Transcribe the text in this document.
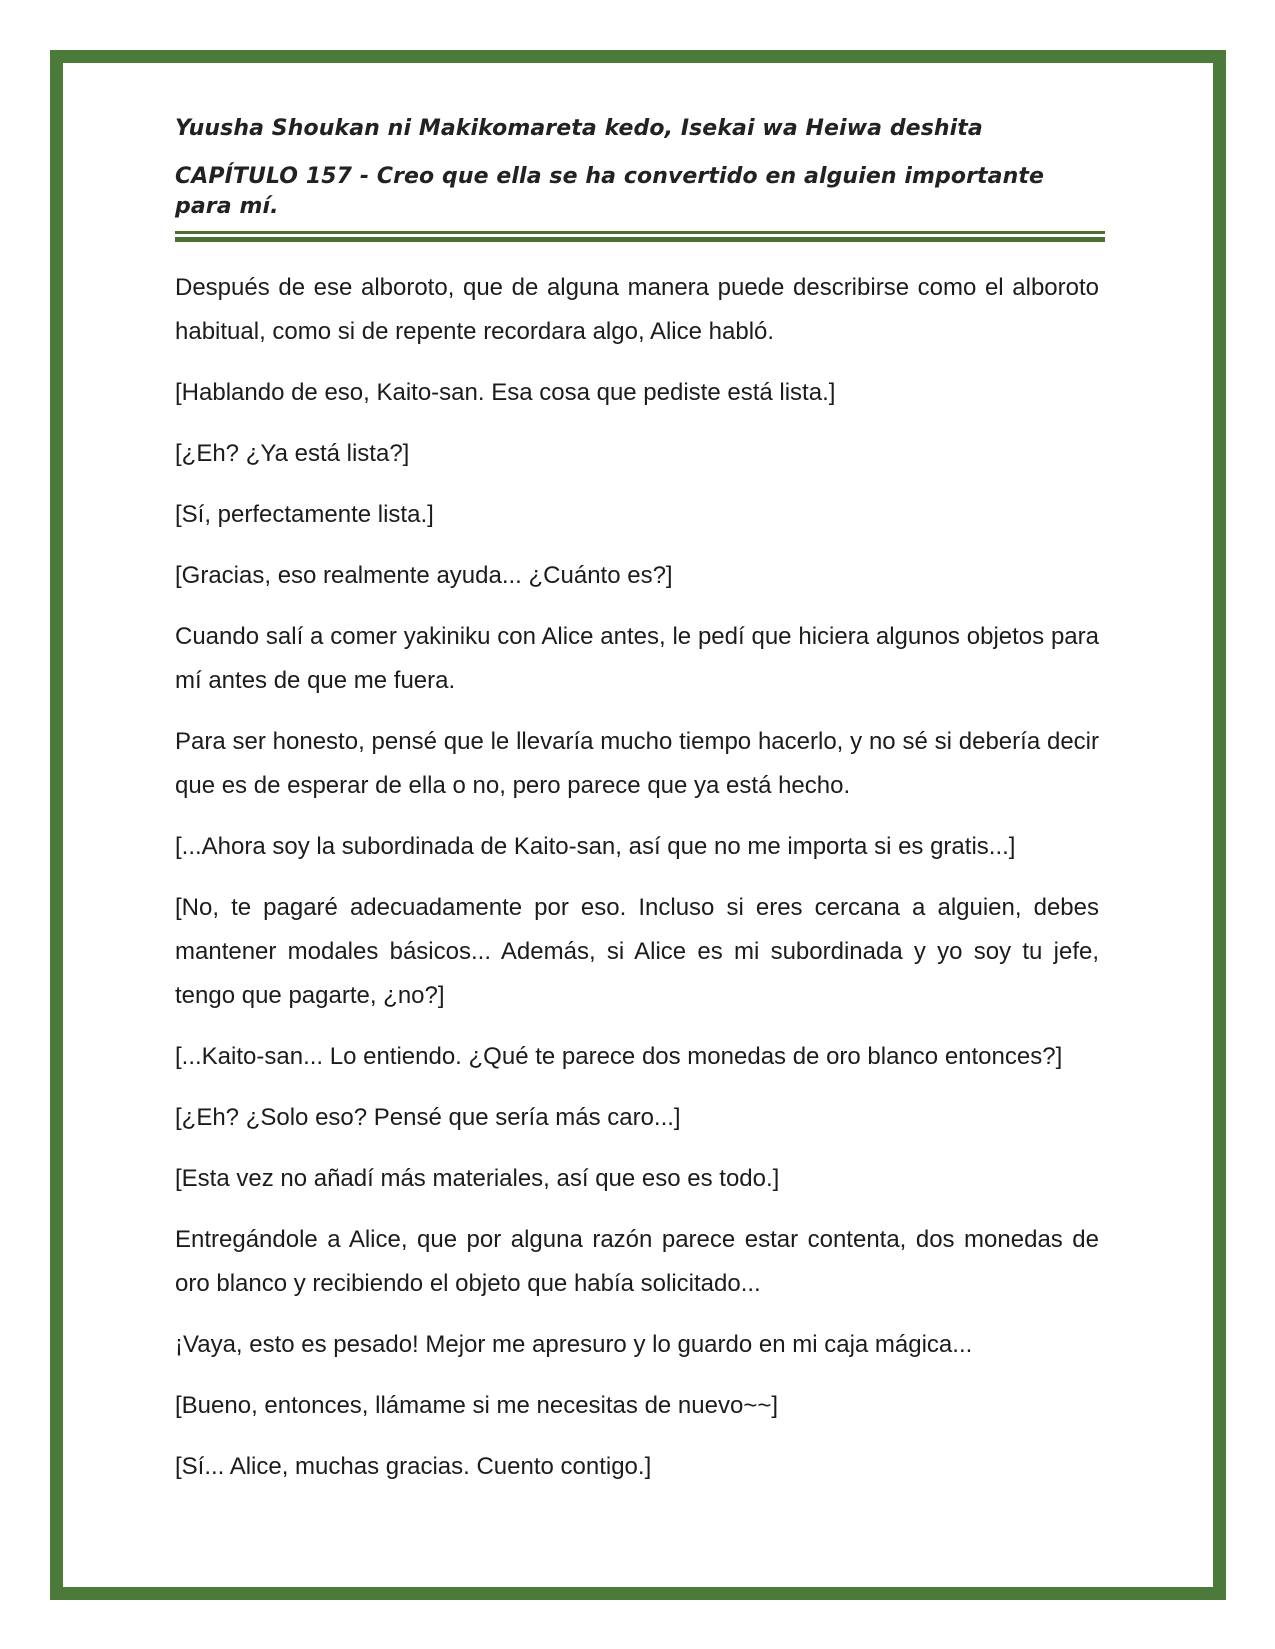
Yuusha Shoukan ni Makikomareta kedo, Isekai wa Heiwa deshita
CAPÍTULO 157 - Creo que ella se ha convertido en alguien importante para mí.

Después de ese alboroto, que de alguna manera puede describirse como el alboroto habitual, como si de repente recordara algo, Alice habló.

[Hablando de eso, Kaito-san. Esa cosa que pediste está lista.]

[¿Eh? ¿Ya está lista?]

[Sí, perfectamente lista.]

[Gracias, eso realmente ayuda... ¿Cuánto es?]

Cuando salí a comer yakiniku con Alice antes, le pedí que hiciera algunos objetos para mí antes de que me fuera.

Para ser honesto, pensé que le llevaría mucho tiempo hacerlo, y no sé si debería decir que es de esperar de ella o no, pero parece que ya está hecho.

[...Ahora soy la subordinada de Kaito-san, así que no me importa si es gratis...]

[No, te pagaré adecuadamente por eso. Incluso si eres cercana a alguien, debes mantener modales básicos... Además, si Alice es mi subordinada y yo soy tu jefe, tengo que pagarte, ¿no?]

[...Kaito-san... Lo entiendo. ¿Qué te parece dos monedas de oro blanco entonces?]

[¿Eh? ¿Solo eso? Pensé que sería más caro...]

[Esta vez no añadí más materiales, así que eso es todo.]

Entregándole a Alice, que por alguna razón parece estar contenta, dos monedas de oro blanco y recibiendo el objeto que había solicitado...

¡Vaya, esto es pesado! Mejor me apresuro y lo guardo en mi caja mágica...

[Bueno, entonces, llámame si me necesitas de nuevo~~]

[Sí... Alice, muchas gracias. Cuento contigo.]
